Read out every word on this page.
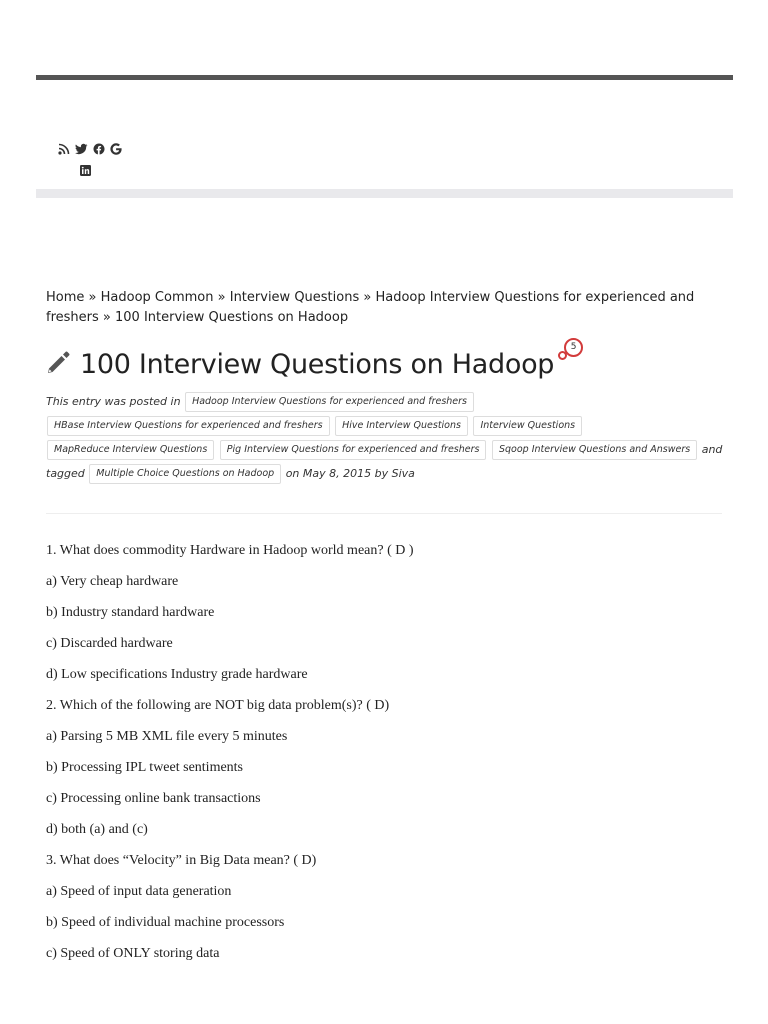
Home » Hadoop Common » Interview Questions » Hadoop Interview Questions for experienced and freshers » 100 Interview Questions on Hadoop
100 Interview Questions on Hadoop
5
This entry was posted in Hadoop Interview Questions for experienced and freshers
HBase Interview Questions for experienced and freshers Hive Interview Questions Interview Questions
MapReduce Interview Questions Pig Interview Questions for experienced and freshers Sqoop Interview Questions and Answers and tagged Multiple Choice Questions on Hadoop on May 8, 2015 by Siva

1. What does commodity Hardware in Hadoop world mean? ( D )

a) Very cheap hardware

b) Industry standard hardware

c) Discarded hardware

d) Low specifications Industry grade hardware

2. Which of the following are NOT big data problem(s)? ( D)

a) Parsing 5 MB XML file every 5 minutes

b) Processing IPL tweet sentiments

c) Processing online bank transactions

d) both (a) and (c)

3. What does “Velocity” in Big Data mean? ( D)

a) Speed of input data generation

b) Speed of individual machine processors

c) Speed of ONLY storing data
